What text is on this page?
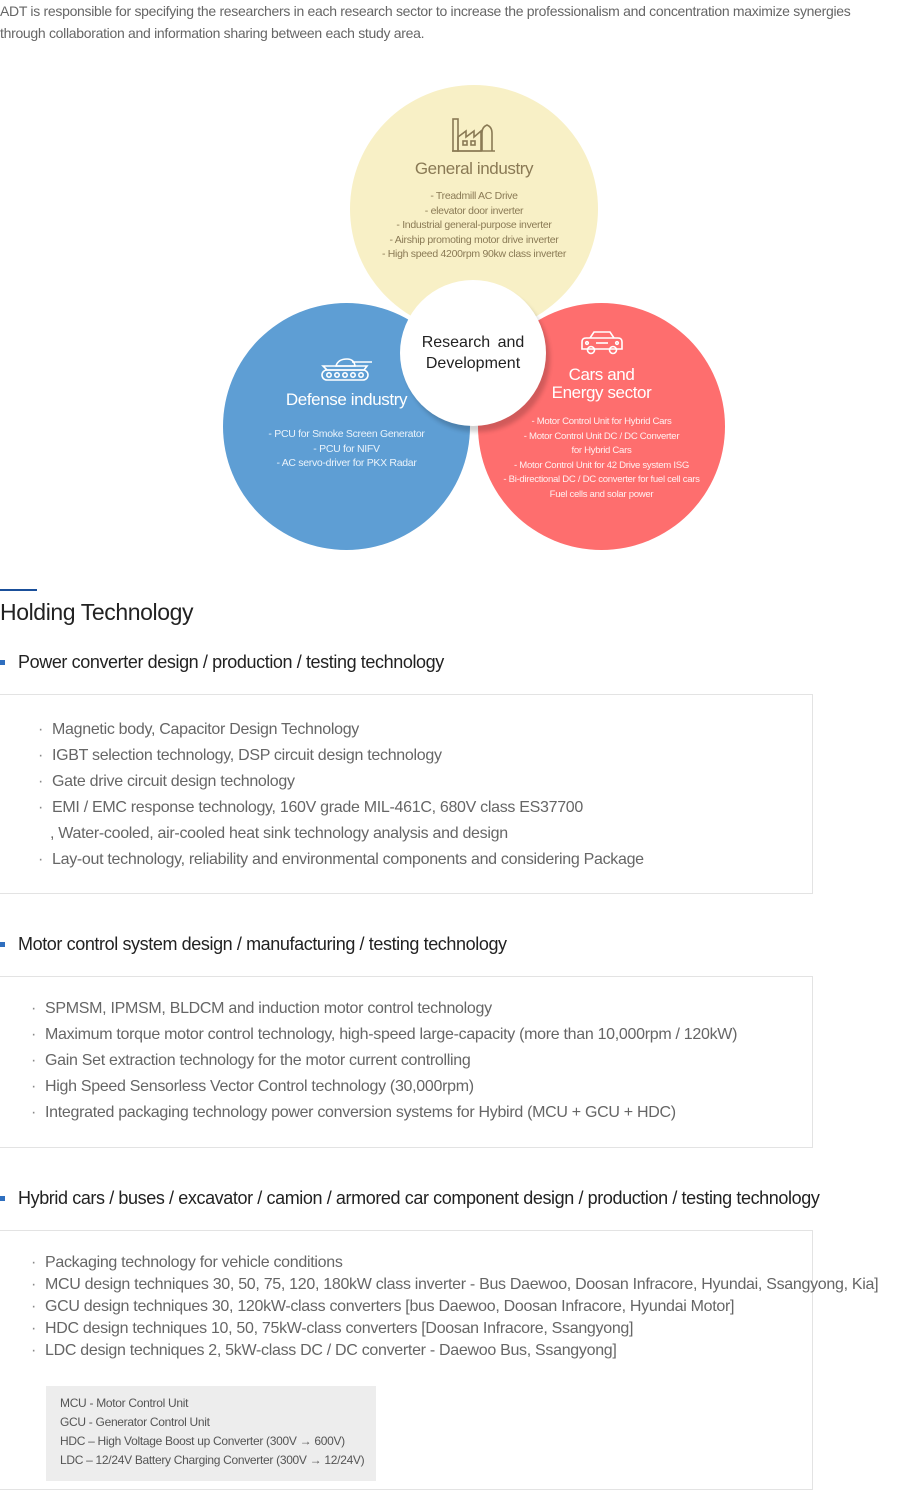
ADT is responsible for specifying the researchers in each research sector to increase the professionalism and concentration maximize synergies through collaboration and information sharing between each study area.
General industry
- Treadmill AC Drive
- elevator door inverter
- Industrial general-purpose inverter
- Airship promoting motor drive inverter
- High speed 4200rpm 90kw class inverter
Defense industry
- PCU for Smoke Screen Generator
- PCU for NIFV
- AC servo-driver for PKX Radar
Cars and
Energy sector
- Motor Control Unit for Hybrid Cars
- Motor Control Unit DC / DC Converter
for Hybrid Cars
- Motor Control Unit for 42 Drive system ISG
- Bi-directional DC / DC converter for fuel cell cars
Fuel cells and solar power
Research and
Development
Holding Technology
Power converter design / production / testing technology
· Magnetic body, Capacitor Design Technology
· IGBT selection technology, DSP circuit design technology
· Gate drive circuit design technology
· EMI / EMC response technology, 160V grade MIL-461C, 680V class ES37700
, Water-cooled, air-cooled heat sink technology analysis and design
· Lay-out technology, reliability and environmental components and considering Package
Motor control system design / manufacturing / testing technology
· SPMSM, IPMSM, BLDCM and induction motor control technology
· Maximum torque motor control technology, high-speed large-capacity (more than 10,000rpm / 120kW)
· Gain Set extraction technology for the motor current controlling
· High Speed Sensorless Vector Control technology (30,000rpm)
· Integrated packaging technology power conversion systems for Hybird (MCU + GCU + HDC)
Hybrid cars / buses / excavator / camion / armored car component design / production / testing technology
· Packaging technology for vehicle conditions
· MCU design techniques 30, 50, 75, 120, 180kW class inverter - Bus Daewoo, Doosan Infracore, Hyundai, Ssangyong, Kia]
· GCU design techniques 30, 120kW-class converters [bus Daewoo, Doosan Infracore, Hyundai Motor]
· HDC design techniques 10, 50, 75kW-class converters [Doosan Infracore, Ssangyong]
· LDC design techniques 2, 5kW-class DC / DC converter - Daewoo Bus, Ssangyong]
MCU - Motor Control Unit
GCU - Generator Control Unit
HDC – High Voltage Boost up Converter (300V → 600V)
LDC – 12/24V Battery Charging Converter (300V → 12/24V)
